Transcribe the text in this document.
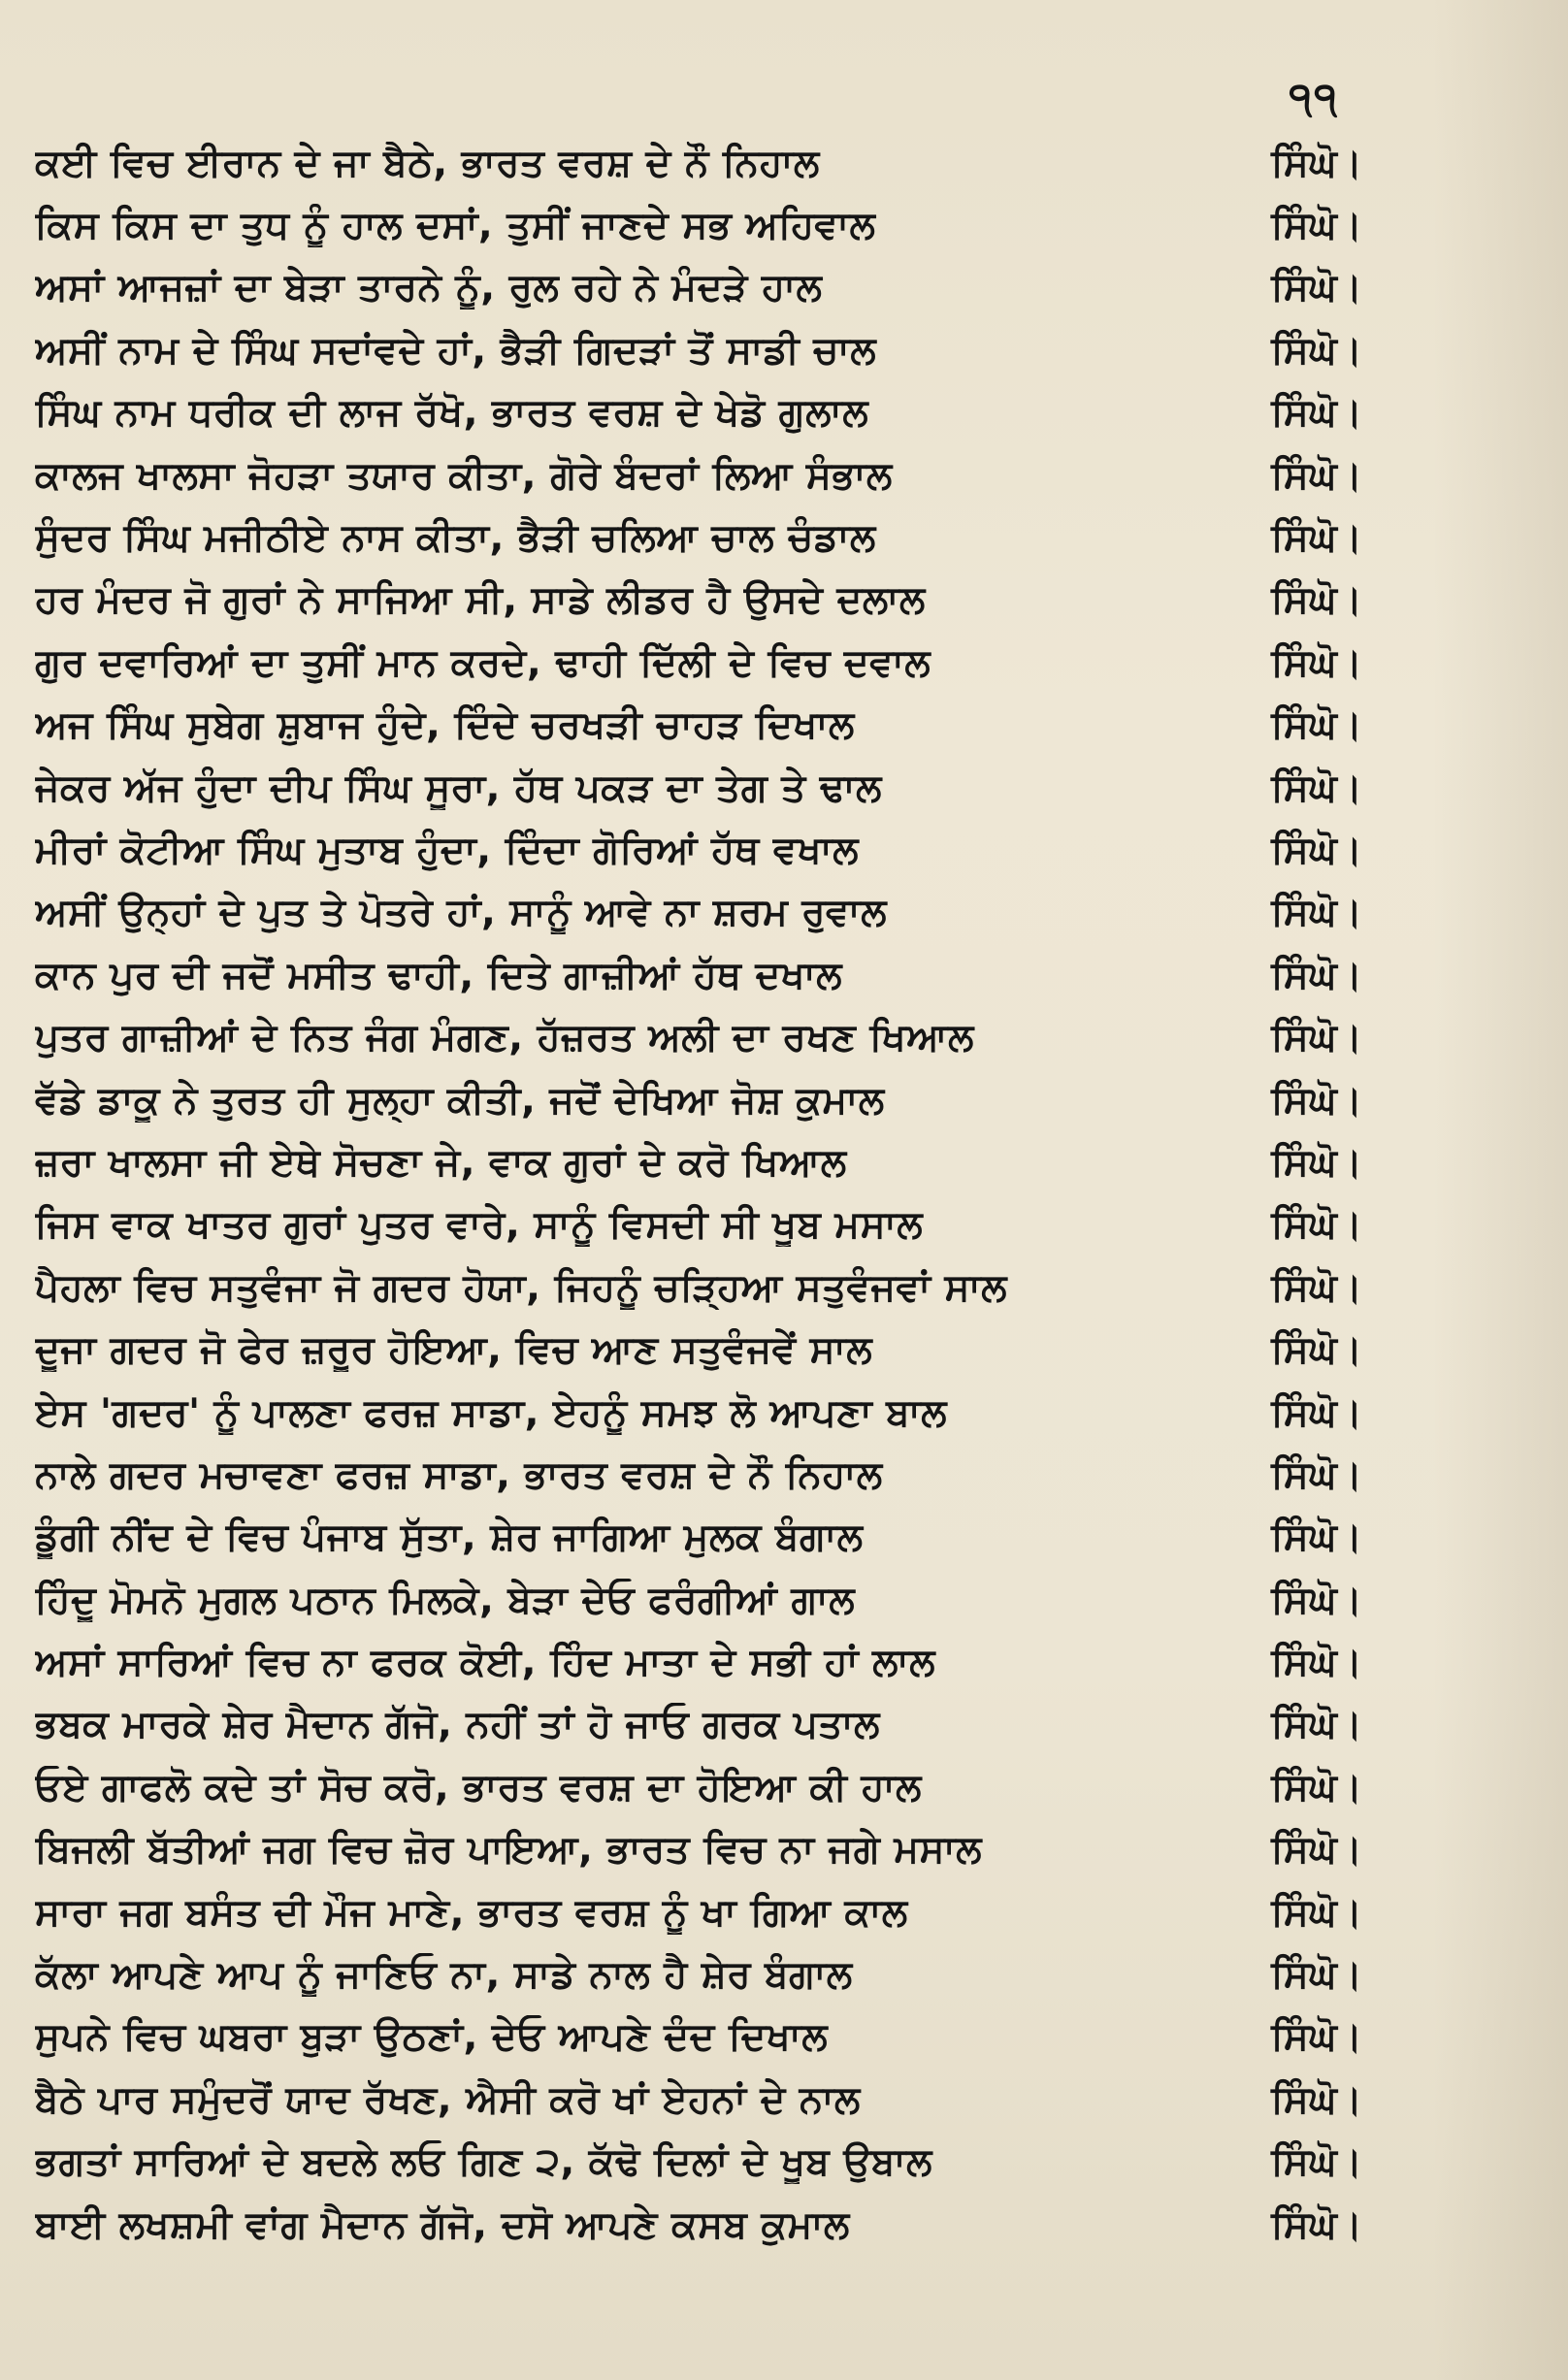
੧੧
ਕਈ ਵਿਚ ਈਰਾਨ ਦੇ ਜਾ ਬੈਠੇ, ਭਾਰਤ ਵਰਸ਼ ਦੇ ਨੌ ਨਿਹਾਲ	ਸਿੰਘੋ।
ਕਿਸ ਕਿਸ ਦਾ ਤੁਧ ਨੂੰ ਹਾਲ ਦਸਾਂ, ਤੁਸੀਂ ਜਾਣਦੇ ਸਭ ਅਹਿਵਾਲ	ਸਿੰਘੋ।
ਅਸਾਂ ਆਜਜ਼ਾਂ ਦਾ ਬੇੜਾ ਤਾਰਨੇ ਨੂੰ, ਰੁਲ ਰਹੇ ਨੇ ਮੰਦੜੇ ਹਾਲ	ਸਿੰਘੋ।
ਅਸੀਂ ਨਾਮ ਦੇ ਸਿੰਘ ਸਦਾਂਵਦੇ ਹਾਂ, ਭੈੜੀ ਗਿਦੜਾਂ ਤੋਂ ਸਾਡੀ ਚਾਲ	ਸਿੰਘੋ।
ਸਿੰਘ ਨਾਮ ਧਰੀਕ ਦੀ ਲਾਜ ਰੱਖੋ, ਭਾਰਤ ਵਰਸ਼ ਦੇ ਖੇਡੋ ਗੁਲਾਲ	ਸਿੰਘੋ।
ਕਾਲਜ ਖਾਲਸਾ ਜੋਹੜਾ ਤਯਾਰ ਕੀਤਾ, ਗੋਰੇ ਬੰਦਰਾਂ ਲਿਆ ਸੰਭਾਲ	ਸਿੰਘੋ।
ਸੁੰਦਰ ਸਿੰਘ ਮਜੀਠੀਏ ਨਾਸ ਕੀਤਾ, ਭੈੜੀ ਚਲਿਆ ਚਾਲ ਚੰਡਾਲ	ਸਿੰਘੋ।
ਹਰ ਮੰਦਰ ਜੋ ਗੁਰਾਂ ਨੇ ਸਾਜਿਆ ਸੀ, ਸਾਡੇ ਲੀਡਰ ਹੈ ਉਸਦੇ ਦਲਾਲ	ਸਿੰਘੋ।
ਗੁਰ ਦਵਾਰਿਆਂ ਦਾ ਤੁਸੀਂ ਮਾਨ ਕਰਦੇ, ਢਾਹੀ ਦਿੱਲੀ ਦੇ ਵਿਚ ਦਵਾਲ	ਸਿੰਘੋ।
ਅਜ ਸਿੰਘ ਸੁਬੇਗ ਸ਼ੁਬਾਜ ਹੁੰਦੇ, ਦਿੰਦੇ ਚਰਖੜੀ ਚਾਹੜ ਦਿਖਾਲ	ਸਿੰਘੋ।
ਜੇਕਰ ਅੱਜ ਹੁੰਦਾ ਦੀਪ ਸਿੰਘ ਸੂਰਾ, ਹੱਥ ਪਕੜ ਦਾ ਤੇਗ ਤੇ ਢਾਲ	ਸਿੰਘੋ।
ਮੀਰਾਂ ਕੋਟੀਆ ਸਿੰਘ ਮੁਤਾਬ ਹੁੰਦਾ, ਦਿੰਦਾ ਗੋਰਿਆਂ ਹੱਥ ਵਖਾਲ	ਸਿੰਘੋ।
ਅਸੀਂ ਉਨ੍ਹਾਂ ਦੇ ਪੁਤ ਤੇ ਪੋਤਰੇ ਹਾਂ, ਸਾਨੂੰ ਆਵੇ ਨਾ ਸ਼ਰਮ ਰੁਵਾਲ	ਸਿੰਘੋ।
ਕਾਨ ਪੁਰ ਦੀ ਜਦੋਂ ਮਸੀਤ ਢਾਹੀ, ਦਿਤੇ ਗਾਜ਼ੀਆਂ ਹੱਥ ਦਖਾਲ	ਸਿੰਘੋ।
ਪੁਤਰ ਗਾਜ਼ੀਆਂ ਦੇ ਨਿਤ ਜੰਗ ਮੰਗਣ, ਹੱਜ਼ਰਤ ਅਲੀ ਦਾ ਰਖਣ ਖਿਆਲ	ਸਿੰਘੋ।
ਵੱਡੇ ਡਾਕੂ ਨੇ ਤੁਰਤ ਹੀ ਸੁਲ੍ਹਾ ਕੀਤੀ, ਜਦੋਂ ਦੇਖਿਆ ਜੋਸ਼ ਕੁਮਾਲ	ਸਿੰਘੋ।
ਜ਼ਰਾ ਖਾਲਸਾ ਜੀ ਏਥੇ ਸੋਚਣਾ ਜੇ, ਵਾਕ ਗੁਰਾਂ ਦੇ ਕਰੋ ਖਿਆਲ	ਸਿੰਘੋ।
ਜਿਸ ਵਾਕ ਖਾਤਰ ਗੁਰਾਂ ਪੁਤਰ ਵਾਰੇ, ਸਾਨੂੰ ਵਿਸਦੀ ਸੀ ਖੂਬ ਮਸਾਲ	ਸਿੰਘੋ।
ਪੈਹਲਾ ਵਿਚ ਸਤੁਵੰਜਾ ਜੋ ਗਦਰ ਹੋਯਾ, ਜਿਹਨੂੰ ਚੜ੍ਹਿਆ ਸਤੁਵੰਜਵਾਂ ਸਾਲ	ਸਿੰਘੋ।
ਦੂਜਾ ਗਦਰ ਜੋ ਫੇਰ ਜ਼ਰੂਰ ਹੋਇਆ, ਵਿਚ ਆਣ ਸਤੁਵੰਜਵੇਂ ਸਾਲ	ਸਿੰਘੋ।
ਏਸ 'ਗਦਰ' ਨੂੰ ਪਾਲਣਾ ਫਰਜ਼ ਸਾਡਾ, ਏਹਨੂੰ ਸਮਝ ਲੋ ਆਪਣਾ ਬਾਲ	ਸਿੰਘੋ।
ਨਾਲੇ ਗਦਰ ਮਚਾਵਣਾ ਫਰਜ਼ ਸਾਡਾ, ਭਾਰਤ ਵਰਸ਼ ਦੇ ਨੌ ਨਿਹਾਲ	ਸਿੰਘੋ।
ਡੂੰਗੀ ਨੀਂਦ ਦੇ ਵਿਚ ਪੰਜਾਬ ਸੁੱਤਾ, ਸ਼ੇਰ ਜਾਗਿਆ ਮੁਲਕ ਬੰਗਾਲ	ਸਿੰਘੋ।
ਹਿੰਦੂ ਮੋਮਨੋ ਮੁਗਲ ਪਠਾਨ ਮਿਲਕੇ, ਬੇੜਾ ਦੇਓ ਫਰੰਗੀਆਂ ਗਾਲ	ਸਿੰਘੋ।
ਅਸਾਂ ਸਾਰਿਆਂ ਵਿਚ ਨਾ ਫਰਕ ਕੋਈ, ਹਿੰਦ ਮਾਤਾ ਦੇ ਸਭੀ ਹਾਂ ਲਾਲ	ਸਿੰਘੋ।
ਭਬਕ ਮਾਰਕੇ ਸ਼ੇਰ ਮੈਦਾਨ ਗੱਜੋ, ਨਹੀਂ ਤਾਂ ਹੋ ਜਾਓ ਗਰਕ ਪਤਾਲ	ਸਿੰਘੋ।
ਓਏ ਗਾਫਲੋ ਕਦੇ ਤਾਂ ਸੋਚ ਕਰੋ, ਭਾਰਤ ਵਰਸ਼ ਦਾ ਹੋਇਆ ਕੀ ਹਾਲ	ਸਿੰਘੋ।
ਬਿਜਲੀ ਬੱਤੀਆਂ ਜਗ ਵਿਚ ਜ਼ੋਰ ਪਾਇਆ, ਭਾਰਤ ਵਿਚ ਨਾ ਜਗੇ ਮਸਾਲ	ਸਿੰਘੋ।
ਸਾਰਾ ਜਗ ਬਸੰਤ ਦੀ ਮੌਜ ਮਾਣੇ, ਭਾਰਤ ਵਰਸ਼ ਨੂੰ ਖਾ ਗਿਆ ਕਾਲ	ਸਿੰਘੋ।
ਕੱਲਾ ਆਪਣੇ ਆਪ ਨੂੰ ਜਾਣਿਓ ਨਾ, ਸਾਡੇ ਨਾਲ ਹੈ ਸ਼ੇਰ ਬੰਗਾਲ	ਸਿੰਘੋ।
ਸੁਪਨੇ ਵਿਚ ਘਬਰਾ ਬੁੜਾ ਉਠਣਾਂ, ਦੇਓ ਆਪਣੇ ਦੰਦ ਦਿਖਾਲ	ਸਿੰਘੋ।
ਬੈਠੇ ਪਾਰ ਸਮੁੰਦਰੋਂ ਯਾਦ ਰੱਖਣ, ਐਸੀ ਕਰੋ ਖਾਂ ਏਹਨਾਂ ਦੇ ਨਾਲ	ਸਿੰਘੋ।
ਭਗਤਾਂ ਸਾਰਿਆਂ ਦੇ ਬਦਲੇ ਲਓ ਗਿਣ ੨, ਕੱਢੋ ਦਿਲਾਂ ਦੇ ਖੂਬ ਉਬਾਲ	ਸਿੰਘੋ।
ਬਾਈ ਲਖਸ਼ਮੀ ਵਾਂਗ ਮੈਦਾਨ ਗੱਜੋ, ਦਸੋ ਆਪਣੇ ਕਸਬ ਕੁਮਾਲ	ਸਿੰਘੋ।
